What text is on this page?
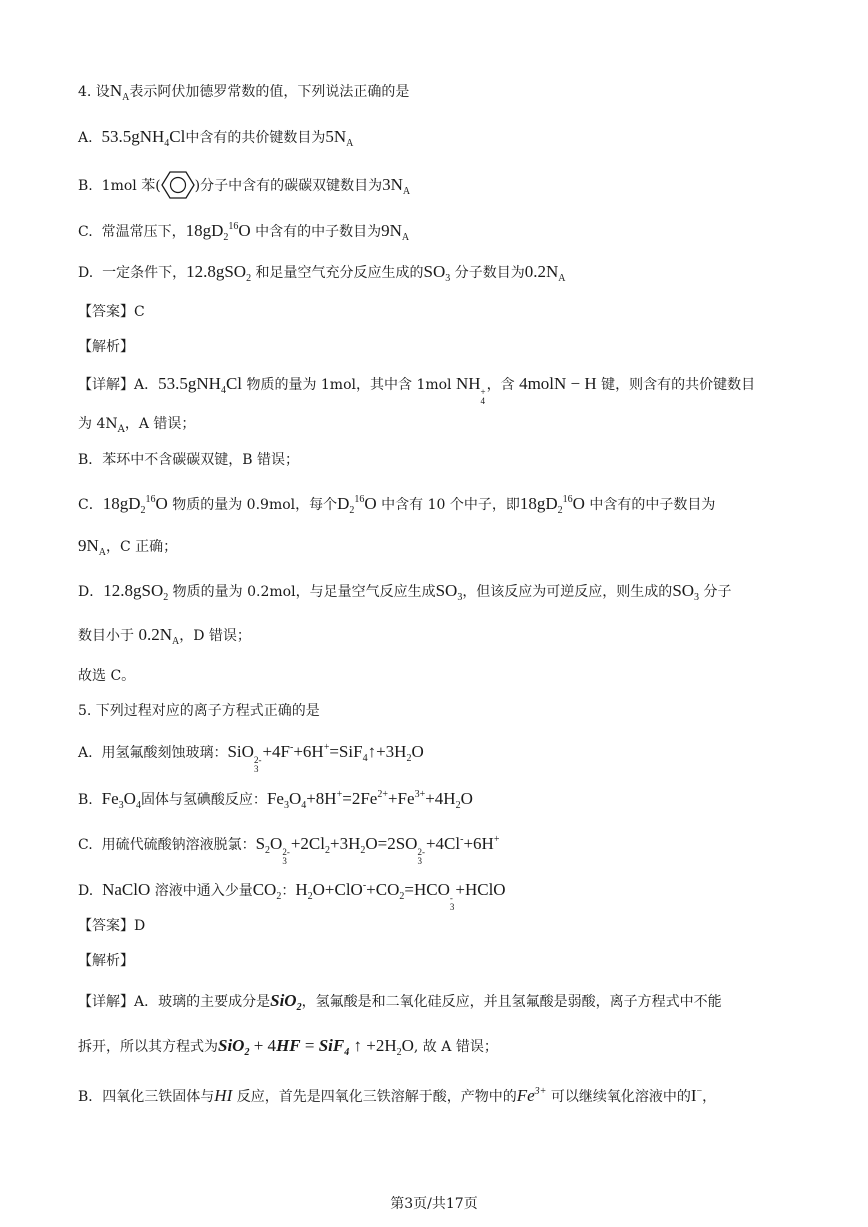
4. 设$N_A$表示阿伏加德罗常数的值，下列说法正确的是
A. 53.5gNH$_4$Cl中含有的共价键数目为$5N_A$
B. 1mol 苯( )分子中含有的碳碳双键数目为$3N_A$
C. 常温常压下，$18gD_2^{16}O$ 中含有的中子数目为$9N_A$
D. 一定条件下，12.8gSO$_2$ 和足量空气充分反应生成的$SO_3$ 分子数目为$0.2N_A$
【答案】C
【解析】
【详解】A．53.5gNH$_4$Cl 物质的量为 1mol，其中含 1mol NH +
4
，含 4molN − H 键，则含有的共价键数目
为 $4N_A$，A 错误；
B．苯环中不含碳碳双键，B 错误；
C．$18gD_2^{16}O$ 物质的量为 0.9mol，每个$D_2^{16}O$ 中含有 10 个中子，即$18gD_2^{16}O$ 中含有的中子数目为
$9N_A$，C 正确；
D．12.8gSO$_2$ 物质的量为 0.2mol，与足量空气反应生成$SO_3$，但该反应为可逆反应，则生成的$SO_3$ 分子
数目小于 $0.2N_A$，D 错误；
故选 C。
5. 下列过程对应的离子方程式正确的是
A. 用氢氟酸刻蚀玻璃：SiO 2-
3
$+4F^-+6H^+=SiF_4↑+3H_2O$
B. $Fe_3O_4$固体与氢碘酸反应：$Fe_3O_4+8H^+=2Fe^{2+}+Fe^{3+}+4H_2O$
C. 用硫代硫酸钠溶液脱氯：$S_2O$ 2-
3
$+2Cl_2+3H_2O=2SO$ 2-
3
+4Cl-+6H+
D. NaClO 溶液中通入少量$CO_2$：$H_2O+ClO^-+CO_2=HCO$ -
3
+HClO
【答案】D
【解析】
【详解】A．玻璃的主要成分是SiO$_2$，氢氟酸是和二氧化硅反应，并且氢氟酸是弱酸，离子方程式中不能
拆开，所以其方程式为SiO$_2$ + 4HF = SiF$_4$ ↑ $+2H_2O$, 故 A 错误；
B．四氧化三铁固体与HI 反应，首先是四氧化三铁溶解于酸，产物中的$Fe^{3+}$ 可以继续氧化溶液中的I−，
第3页/共17页
